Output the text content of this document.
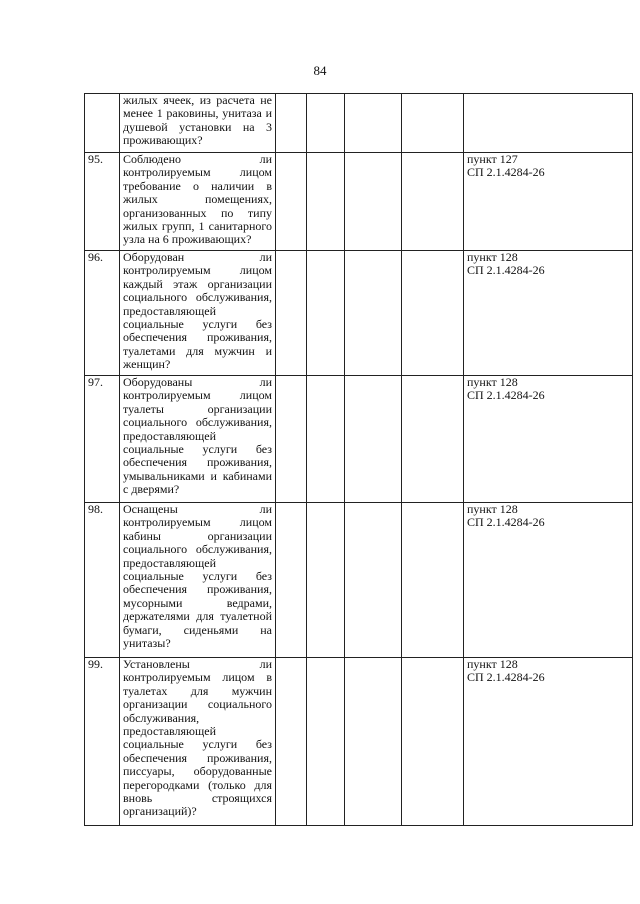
84

	жилых ячеек, из расчета не менее 1 раковины, унитаза и душевой установки на 3 проживающих?					

95.	Соблюдено ли контролируемым лицом требование о наличии в жилых помещениях, организованных по типу жилых групп, 1 санитарного узла на 6 проживающих?					пункт 127
СП 2.1.4284-26

96.	Оборудован ли контролируемым лицом каждый этаж организации социального обслуживания, предоставляющей социальные услуги без обеспечения проживания, туалетами для мужчин и женщин?					пункт 128
СП 2.1.4284-26

97.	Оборудованы ли контролируемым лицом туалеты организации социального обслуживания, предоставляющей социальные услуги без обеспечения проживания, умывальниками и кабинами с дверями?					пункт 128
СП 2.1.4284-26

98.	Оснащены ли контролируемым лицом кабины организации социального обслуживания, предоставляющей социальные услуги без обеспечения проживания, мусорными ведрами, держателями для туалетной бумаги, сиденьями на унитазы?					пункт 128
СП 2.1.4284-26

99.	Установлены ли контролируемым лицом в туалетах для мужчин организации социального обслуживания, предоставляющей социальные услуги без обеспечения проживания, писсуары, оборудованные перегородками (только для вновь строящихся организаций)?					пункт 128
СП 2.1.4284-26
